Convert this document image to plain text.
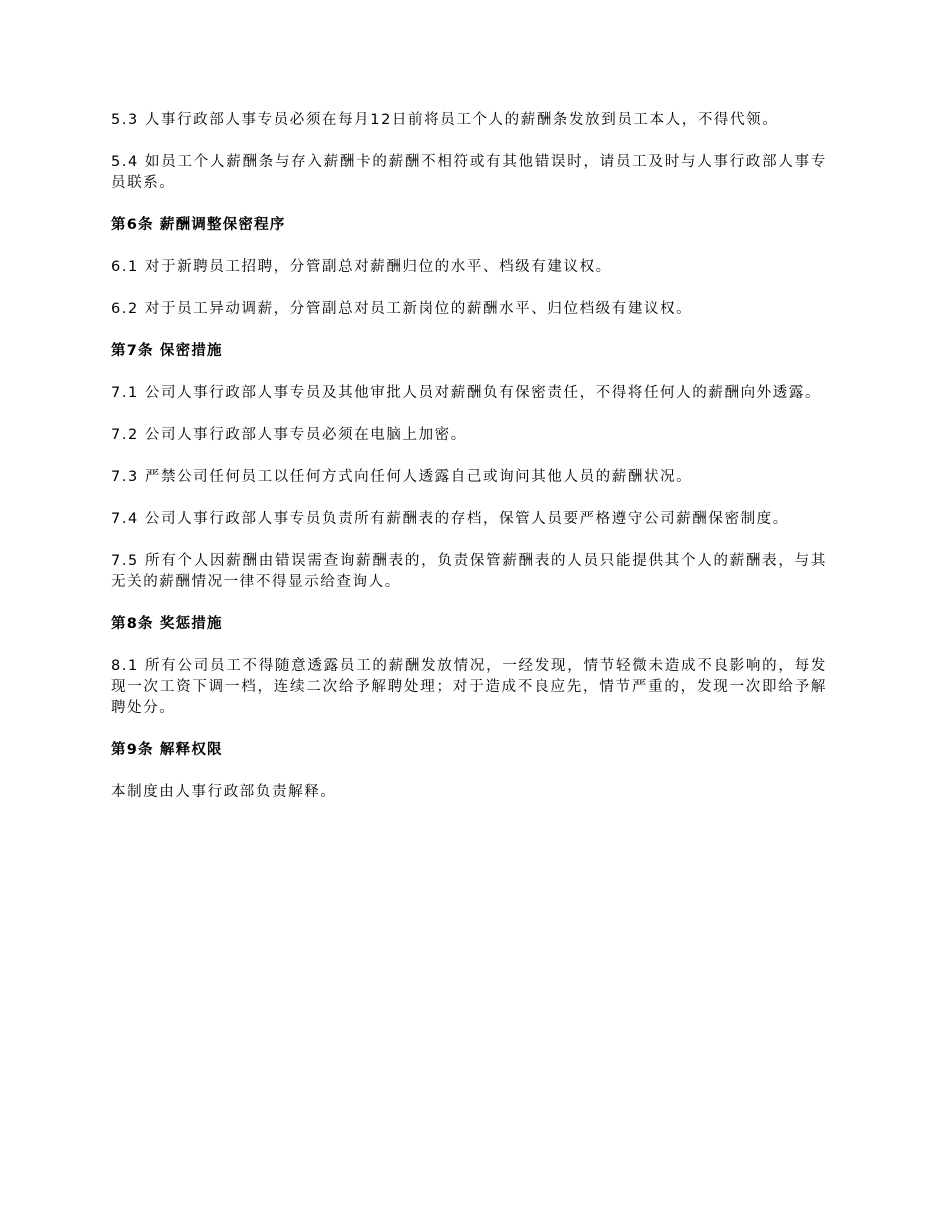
5.3 人事行政部人事专员必须在每月12日前将员工个人的薪酬条发放到员工本人，不得代领。

5.4 如员工个人薪酬条与存入薪酬卡的薪酬不相符或有其他错误时，请员工及时与人事行政部人事专员联系。

第6条 薪酬调整保密程序

6.1 对于新聘员工招聘，分管副总对薪酬归位的水平、档级有建议权。

6.2 对于员工异动调薪，分管副总对员工新岗位的薪酬水平、归位档级有建议权。

第7条 保密措施

7.1 公司人事行政部人事专员及其他审批人员对薪酬负有保密责任，不得将任何人的薪酬向外透露。

7.2 公司人事行政部人事专员必须在电脑上加密。

7.3 严禁公司任何员工以任何方式向任何人透露自己或询问其他人员的薪酬状况。

7.4 公司人事行政部人事专员负责所有薪酬表的存档，保管人员要严格遵守公司薪酬保密制度。

7.5 所有个人因薪酬由错误需查询薪酬表的，负责保管薪酬表的人员只能提供其个人的薪酬表，与其无关的薪酬情况一律不得显示给查询人。

第8条 奖惩措施

8.1 所有公司员工不得随意透露员工的薪酬发放情况，一经发现，情节轻微未造成不良影响的，每发现一次工资下调一档，连续二次给予解聘处理；对于造成不良应先，情节严重的，发现一次即给予解聘处分。

第9条 解释权限

本制度由人事行政部负责解释。
